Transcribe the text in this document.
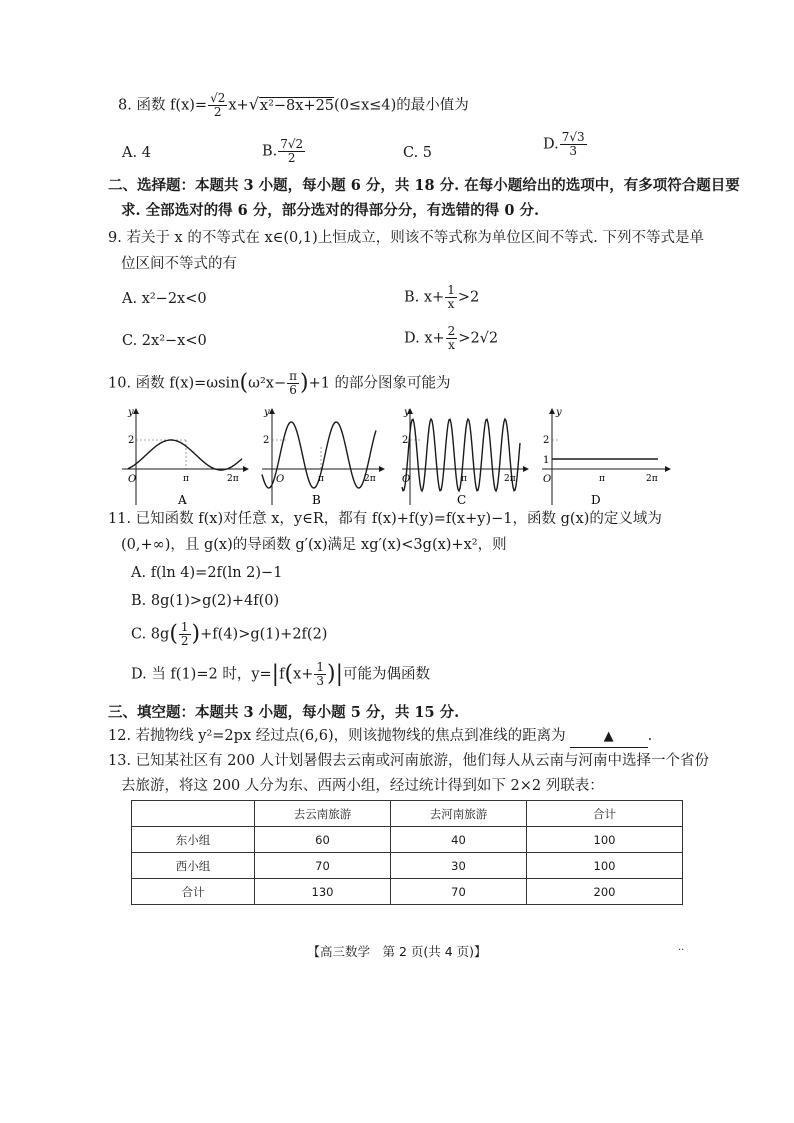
8. 函数 $f(x)= \frac{√2}{2} x+√x^2-8x+25(0\le x\le 4)$的最小值为
A. 4	B. $\frac{7√2}{2}$	C. 5
D. $\frac{7√3}{3}$
二、选择题：本题共 3 小题，每小题 6 分，共 18 分. 在每小题给出的选项中，有多项符合题目要
求. 全部选对的得 6 分，部分选对的得部分分，有选错的得 0 分.
9. 若关于 x 的不等式在 x∈(0,1)上恒成立，则该不等式称为单位区间不等式. 下列不等式是单
位区间不等式的有
A. x²−2x<0	B. $x+ \frac{1}{x} >2$
C. 2x²−x<0	D. $x+ \frac{2}{x} >2√2$
10. 函数 $f(x)=\omega\sin(\omega^2x- \frac{\pi}{6} )+1$ 的部分图象可能为
y
2
O	π	2π
A
y
2
O	π	2π
B
y
2
O	π	2π
C
y
2
1
O	π	2π
D
11. 已知函数 f(x)对任意 x，y∈R，都有 f(x)+f(y)=f(x+y)−1，函数 g(x)的定义域为
(0,+∞)，且 g(x)的导函数 g′(x)满足 xg′(x)<3g(x)+x²，则
A. f(ln 4)=2f(ln 2)−1
B. 8g(1)>g(2)+4f(0)
C. $8g( \frac{1}{2} )+f(4)>g(1)+2f(2)$
D. 当 f(1)=2 时，$y=|f(x+ \frac{1}{3}$ )|可能为偶函数
三、填空题：本题共 3 小题，每小题 5 分，共 15 分.
12. 若抛物线 y²=2px 经过点(6,6)，则该抛物线的焦点到准线的距离为	▲ .
13. 已知某社区有 200 人计划暑假去云南或河南旅游，他们每人从云南与河南中选择一个省份
去旅游，将这 200 人分为东、西两小组，经过统计得到如下 2×2 列联表：
	去云南旅游	去河南旅游	合计
东小组	60	40	100
西小组	70	30	100
合计	130	70	200
【高三数学　第 2 页(共 4 页)】	..
